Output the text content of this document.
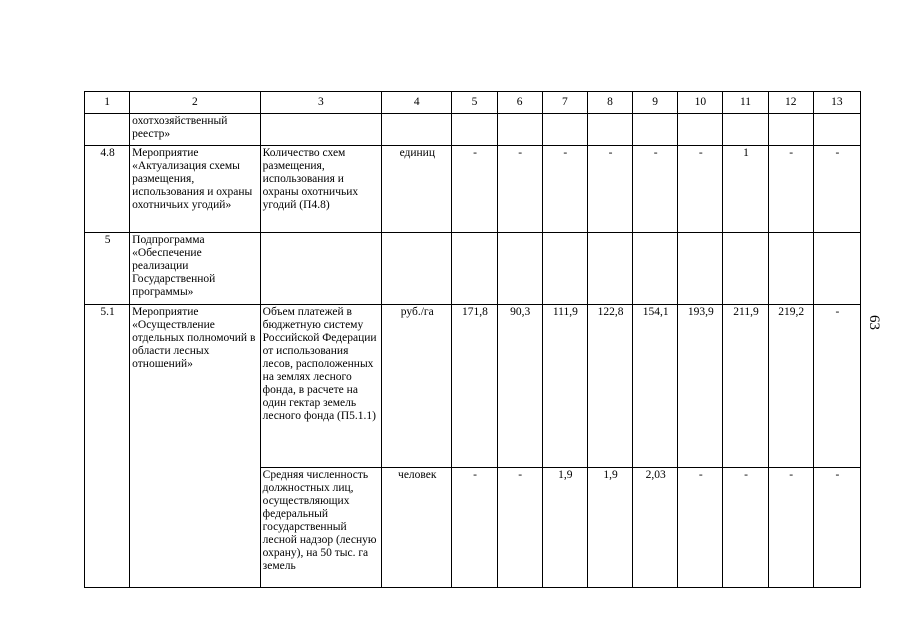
1	2	3	4	5	6	7	8	9	10	11	12	13
	охотхозяйственный реестр»											
4.8	Мероприятие «Актуализация схемы размещения, использования и охраны охотничьих угодий»	Количество схем размещения, использования и охраны охотничьих угодий (П4.8)	единиц	-	-	-	-	-	-	1	-	-
5	Подпрограмма «Обеспечение реализации Государственной программы»											
5.1	Мероприятие «Осуществление отдельных полномочий в области лесных отношений»	Объем платежей в бюджетную систему Российской Федерации от использования лесов, расположенных на землях лесного фонда, в расчете на один гектар земель лесного фонда (П5.1.1)	руб./га	171,8	90,3	111,9	122,8	154,1	193,9	211,9	219,2	-
		Средняя численность должностных лиц, осуществляющих федеральный государственный лесной надзор (лесную охрану), на 50 тыс. га земель	человек	-	-	1,9	1,9	2,03	-	-	-	-
63
